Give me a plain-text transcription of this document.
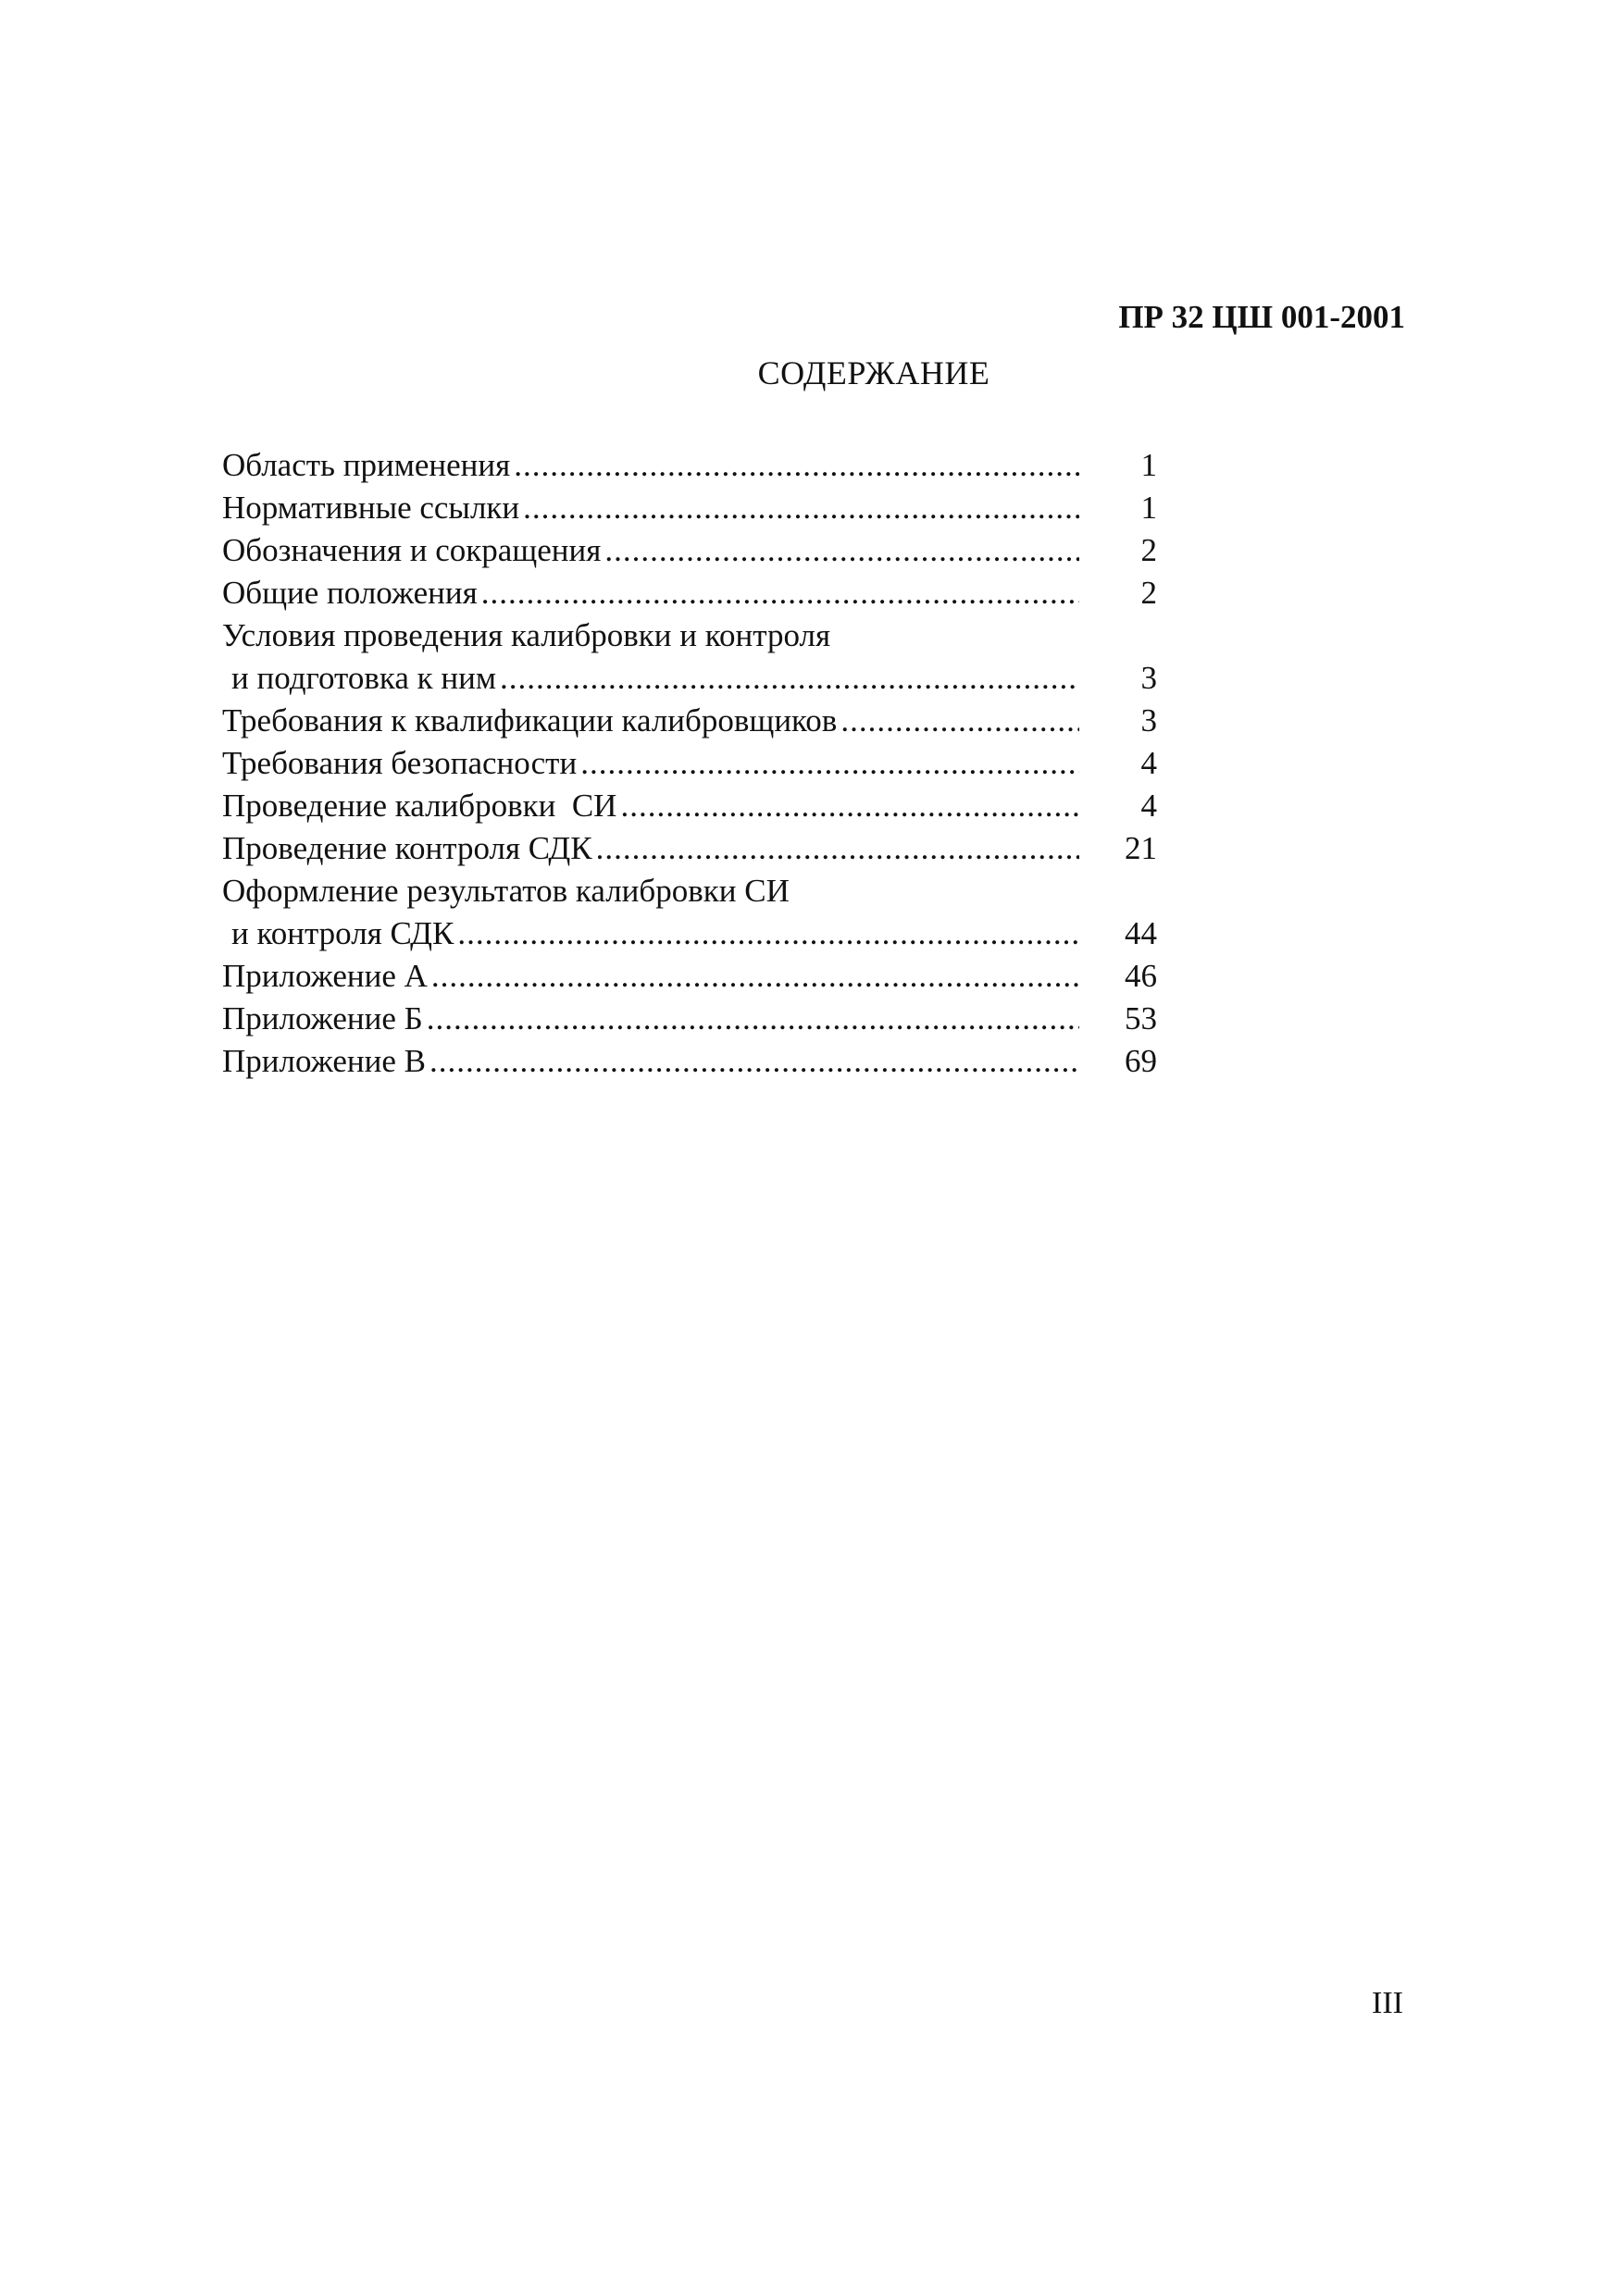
ПР 32 ЦШ 001-2001
СОДЕРЖАНИЕ
Область применения .....	1
Нормативные ссылки .....	1
Обозначения и сокращения .....	2
Общие положения .....	2
Условия проведения калибровки и контроля
и подготовка к ним .....	3
Требования к квалификации калибровщиков .....	3
Требования безопасности .....	4
Проведение калибровки  СИ .....	4
Проведение контроля СДК .....	21
Оформление результатов калибровки СИ
и контроля СДК .....	44
Приложение А .....	46
Приложение Б .....	53
Приложение В .....	69
III
